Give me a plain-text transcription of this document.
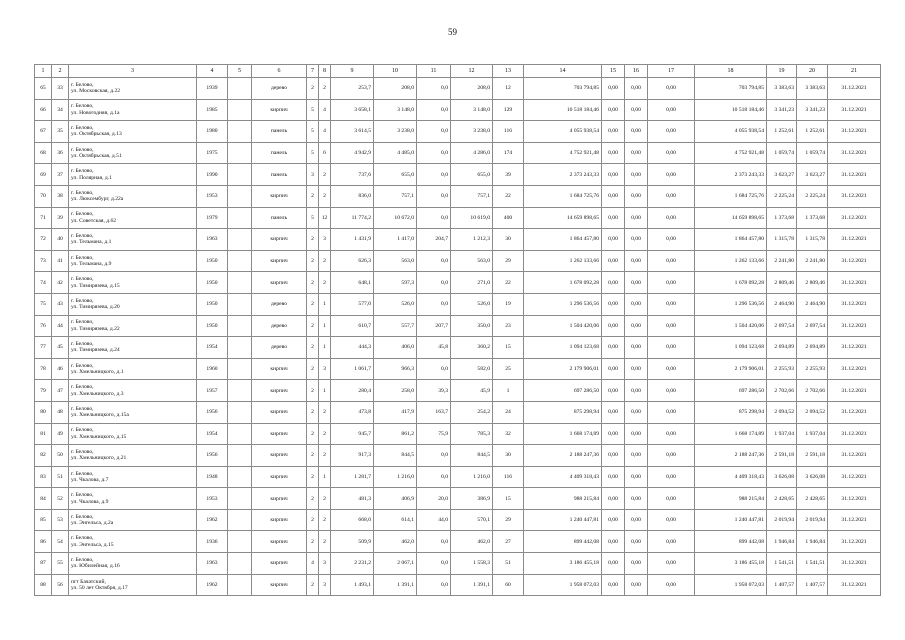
59
1	2	3	4	5	6	7	8	9	10	11	12	13	14	15	16	17	18	19	20	21
65	33	г. Белово,
ул. Московская, д.22	1939		дерево	2	2	253,7	208,0	0,0	208,0	12	703 794,85	0,00	0,00	0,00	703 794,85	3 383,63	3 383,63	31.12.2021
66	34	г. Белово,
ул. Новогодняя, д.1а	1985		кирпич	5	4	3 658,1	3 148,0	0,0	3 148,0	129	10 518 184,46	0,00	0,00	0,00	10 518 184,46	3 341,23	3 341,23	31.12.2021
67	35	г. Белово,
ул. Октябрьская, д.13	1980		панель	5	4	3 614,5	3 238,0	0,0	3 238,0	116	4 055 938,54	0,00	0,00	0,00	4 055 938,54	1 252,61	1 252,61	31.12.2021
68	36	г. Белово,
ул. Октябрьская, д.51	1975		панель	5	6	4 942,9	4 485,0	0,0	4 286,0	174	4 752 921,48	0,00	0,00	0,00	4 752 921,48	1 059,74	1 059,74	31.12.2021
69	37	г. Белово,
ул. Полярная, д.1	1990		панель	3	2	737,6	655,0	0,0	655,0	39	2 373 243,33	0,00	0,00	0,00	2 373 243,33	3 623,27	3 623,27	31.12.2021
70	38	г. Белово,
ул. Люксембург, д.22а	1953		кирпич	2	2	836,0	757,1	0,0	757,1	22	1 684 725,76	0,00	0,00	0,00	1 684 725,76	2 225,24	2 225,24	31.12.2021
71	39	г. Белово,
ул. Советская, д.62	1979		панель	5	12	11 774,2	10 672,0	0,0	10 619,0	400	14 659 898,65	0,00	0,00	0,00	14 659 898,65	1 373,68	1 373,68	31.12.2021
72	40	г. Белово,
ул. Тельмана, д.1	1963		кирпич	2	3	1 431,9	1 417,0	204,7	1 212,3	30	1 864 457,80	0,00	0,00	0,00	1 864 457,80	1 315,78	1 315,78	31.12.2021
73	41	г. Белово,
ул. Тельмана, д.9	1950		кирпич	2	2	626,3	563,0	0,0	563,0	29	1 262 133,66	0,00	0,00	0,00	1 262 133,66	2 241,80	2 241,80	31.12.2021
74	42	г. Белово,
ул. Тимирязева, д.15	1950		кирпич	2	2	648,1	597,3	0,0	271,0	22	1 678 092,28	0,00	0,00	0,00	1 678 092,28	2 809,46	2 809,46	31.12.2021
75	43	г. Белово,
ул. Тимирязева, д.20	1950		дерево	2	1	577,0	526,0	0,0	526,0	19	1 296 536,56	0,00	0,00	0,00	1 296 536,56	2 464,90	2 464,90	31.12.2021
76	44	г. Белово,
ул. Тимирязева, д.22	1950		дерево	2	1	610,7	557,7	207,7	350,0	23	1 504 420,06	0,00	0,00	0,00	1 504 420,06	2 697,54	2 697,54	31.12.2021
77	45	г. Белово,
ул. Тимирязева, д.24	1954		дерево	2	1	444,3	406,0	45,8	360,2	15	1 094 123,68	0,00	0,00	0,00	1 094 123,68	2 694,89	2 694,89	31.12.2021
78	46	г. Белово,
ул. Хмельницкого, д.1	1960		кирпич	2	3	1 061,7	966,3	0,0	582,0	25	2 179 906,01	0,00	0,00	0,00	2 179 906,01	2 255,93	2 255,93	31.12.2021
79	47	г. Белово,
ул. Хмельницкого, д.3	1957		кирпич	2	1	280,4	258,0	39,3	45,9	1	697 286,50	0,00	0,00	0,00	697 286,50	2 702,66	2 702,66	31.12.2021
80	48	г. Белово,
ул. Хмельницкого, д.15а	1956		кирпич	2	2	473,8	417,9	163,7	254,2	24	875 298,94	0,00	0,00	0,00	875 298,94	2 094,52	2 094,52	31.12.2021
81	49	г. Белово,
ул. Хмельницкого, д.15	1954		кирпич	2	2	945,7	861,2	75,9	785,3	32	1 668 174,89	0,00	0,00	0,00	1 668 174,89	1 937,04	1 937,04	31.12.2021
82	50	г. Белово,
ул. Хмельницкого, д.21	1956		кирпич	2	2	917,3	844,5	0,0	844,5	30	2 188 247,36	0,00	0,00	0,00	2 188 247,36	2 591,18	2 591,18	31.12.2021
83	51	г. Белово,
ул. Чкалова, д.7	1948		кирпич	2	1	1 281,7	1 216,0	0,0	1 216,0	116	4 409 318,43	0,00	0,00	0,00	4 409 318,43	3 626,08	3 626,08	31.12.2021
84	52	г. Белово,
ул. Чкалова, д.9	1953		кирпич	2	2	481,3	406,9	20,0	386,9	15	988 215,84	0,00	0,00	0,00	988 215,84	2 428,65	2 428,65	31.12.2021
85	53	г. Белово,
ул. Энгельса, д.2а	1962		кирпич	2	2	668,0	614,1	44,0	570,1	29	1 240 447,81	0,00	0,00	0,00	1 240 447,81	2 019,94	2 019,94	31.12.2021
86	54	г. Белово,
ул. Энгельса, д.15	1936		кирпич	2	2	509,9	462,0	0,0	462,0	27	899 442,08	0,00	0,00	0,00	899 442,08	1 946,84	1 946,84	31.12.2021
87	55	г. Белово,
ул. Юбилейная, д.16	1963		кирпич	4	3	2 231,2	2 067,1	0,0	1 558,3	51	3 186 455,18	0,00	0,00	0,00	3 186 455,18	1 541,51	1 541,51	31.12.2021
88	56	пгт Бачатский,
ул. 50 лет Октября, д.17	1962		кирпич	2	3	1 493,1	1 391,1	0,0	1 391,1	60	1 958 072,03	0,00	0,00	0,00	1 958 072,03	1 407,57	1 407,57	31.12.2021
